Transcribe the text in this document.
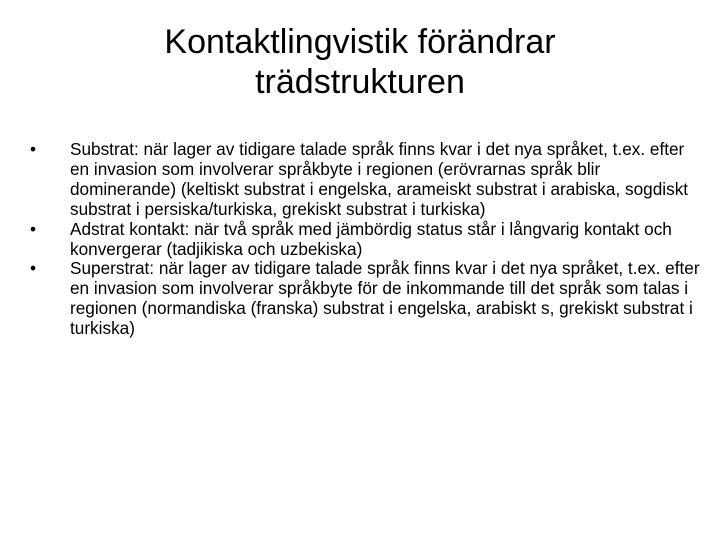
Kontaktlingvistik förändrar
trädstrukturen
•	Substrat: när lager av tidigare talade språk finns kvar i det nya språket, t.ex. efter en invasion som involverar språkbyte i regionen (erövrarnas språk blir dominerande) (keltiskt substrat i engelska, arameiskt substrat i arabiska, sogdiskt substrat i persiska/turkiska, grekiskt substrat i turkiska)
•	Adstrat kontakt: när två språk med jämbördig status står i långvarig kontakt och konvergerar (tadjikiska och uzbekiska)
•	Superstrat: när lager av tidigare talade språk finns kvar i det nya språket, t.ex. efter en invasion som involverar språkbyte för de inkommande till det språk som talas i regionen (normandiska (franska) substrat i engelska, arabiskt s, grekiskt substrat i turkiska)
